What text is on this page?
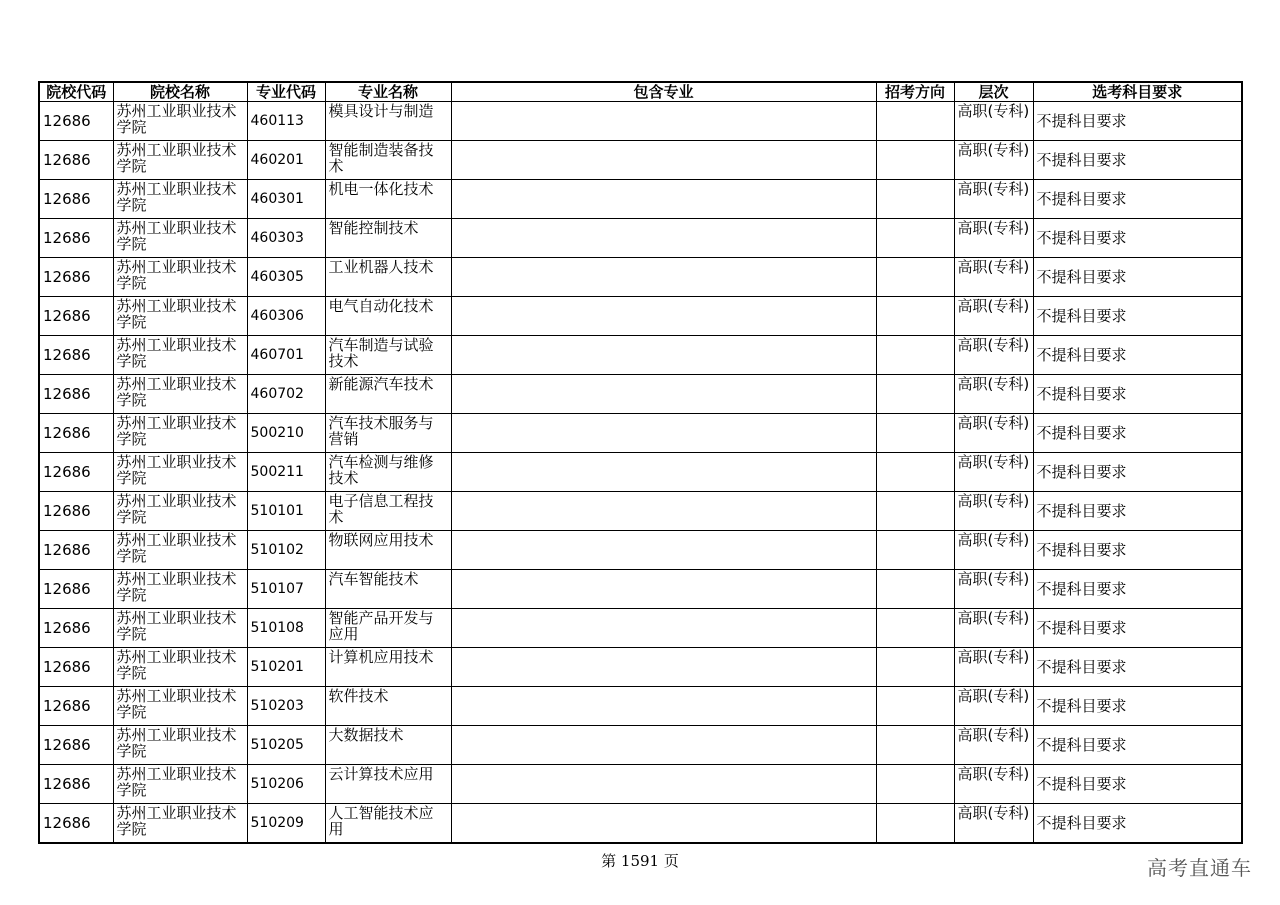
院校代码	院校名称	专业代码	专业名称	包含专业	招考方向	层次	选考科目要求
12686	苏州工业职业技术学院	460113	模具设计与制造			高职(专科)	不提科目要求
12686	苏州工业职业技术学院	460201	智能制造装备技术			高职(专科)	不提科目要求
12686	苏州工业职业技术学院	460301	机电一体化技术			高职(专科)	不提科目要求
12686	苏州工业职业技术学院	460303	智能控制技术			高职(专科)	不提科目要求
12686	苏州工业职业技术学院	460305	工业机器人技术			高职(专科)	不提科目要求
12686	苏州工业职业技术学院	460306	电气自动化技术			高职(专科)	不提科目要求
12686	苏州工业职业技术学院	460701	汽车制造与试验技术			高职(专科)	不提科目要求
12686	苏州工业职业技术学院	460702	新能源汽车技术			高职(专科)	不提科目要求
12686	苏州工业职业技术学院	500210	汽车技术服务与营销			高职(专科)	不提科目要求
12686	苏州工业职业技术学院	500211	汽车检测与维修技术			高职(专科)	不提科目要求
12686	苏州工业职业技术学院	510101	电子信息工程技术			高职(专科)	不提科目要求
12686	苏州工业职业技术学院	510102	物联网应用技术			高职(专科)	不提科目要求
12686	苏州工业职业技术学院	510107	汽车智能技术			高职(专科)	不提科目要求
12686	苏州工业职业技术学院	510108	智能产品开发与应用			高职(专科)	不提科目要求
12686	苏州工业职业技术学院	510201	计算机应用技术			高职(专科)	不提科目要求
12686	苏州工业职业技术学院	510203	软件技术			高职(专科)	不提科目要求
12686	苏州工业职业技术学院	510205	大数据技术			高职(专科)	不提科目要求
12686	苏州工业职业技术学院	510206	云计算技术应用			高职(专科)	不提科目要求
12686	苏州工业职业技术学院	510209	人工智能技术应用			高职(专科)	不提科目要求
第 1591 页	高考直通车
